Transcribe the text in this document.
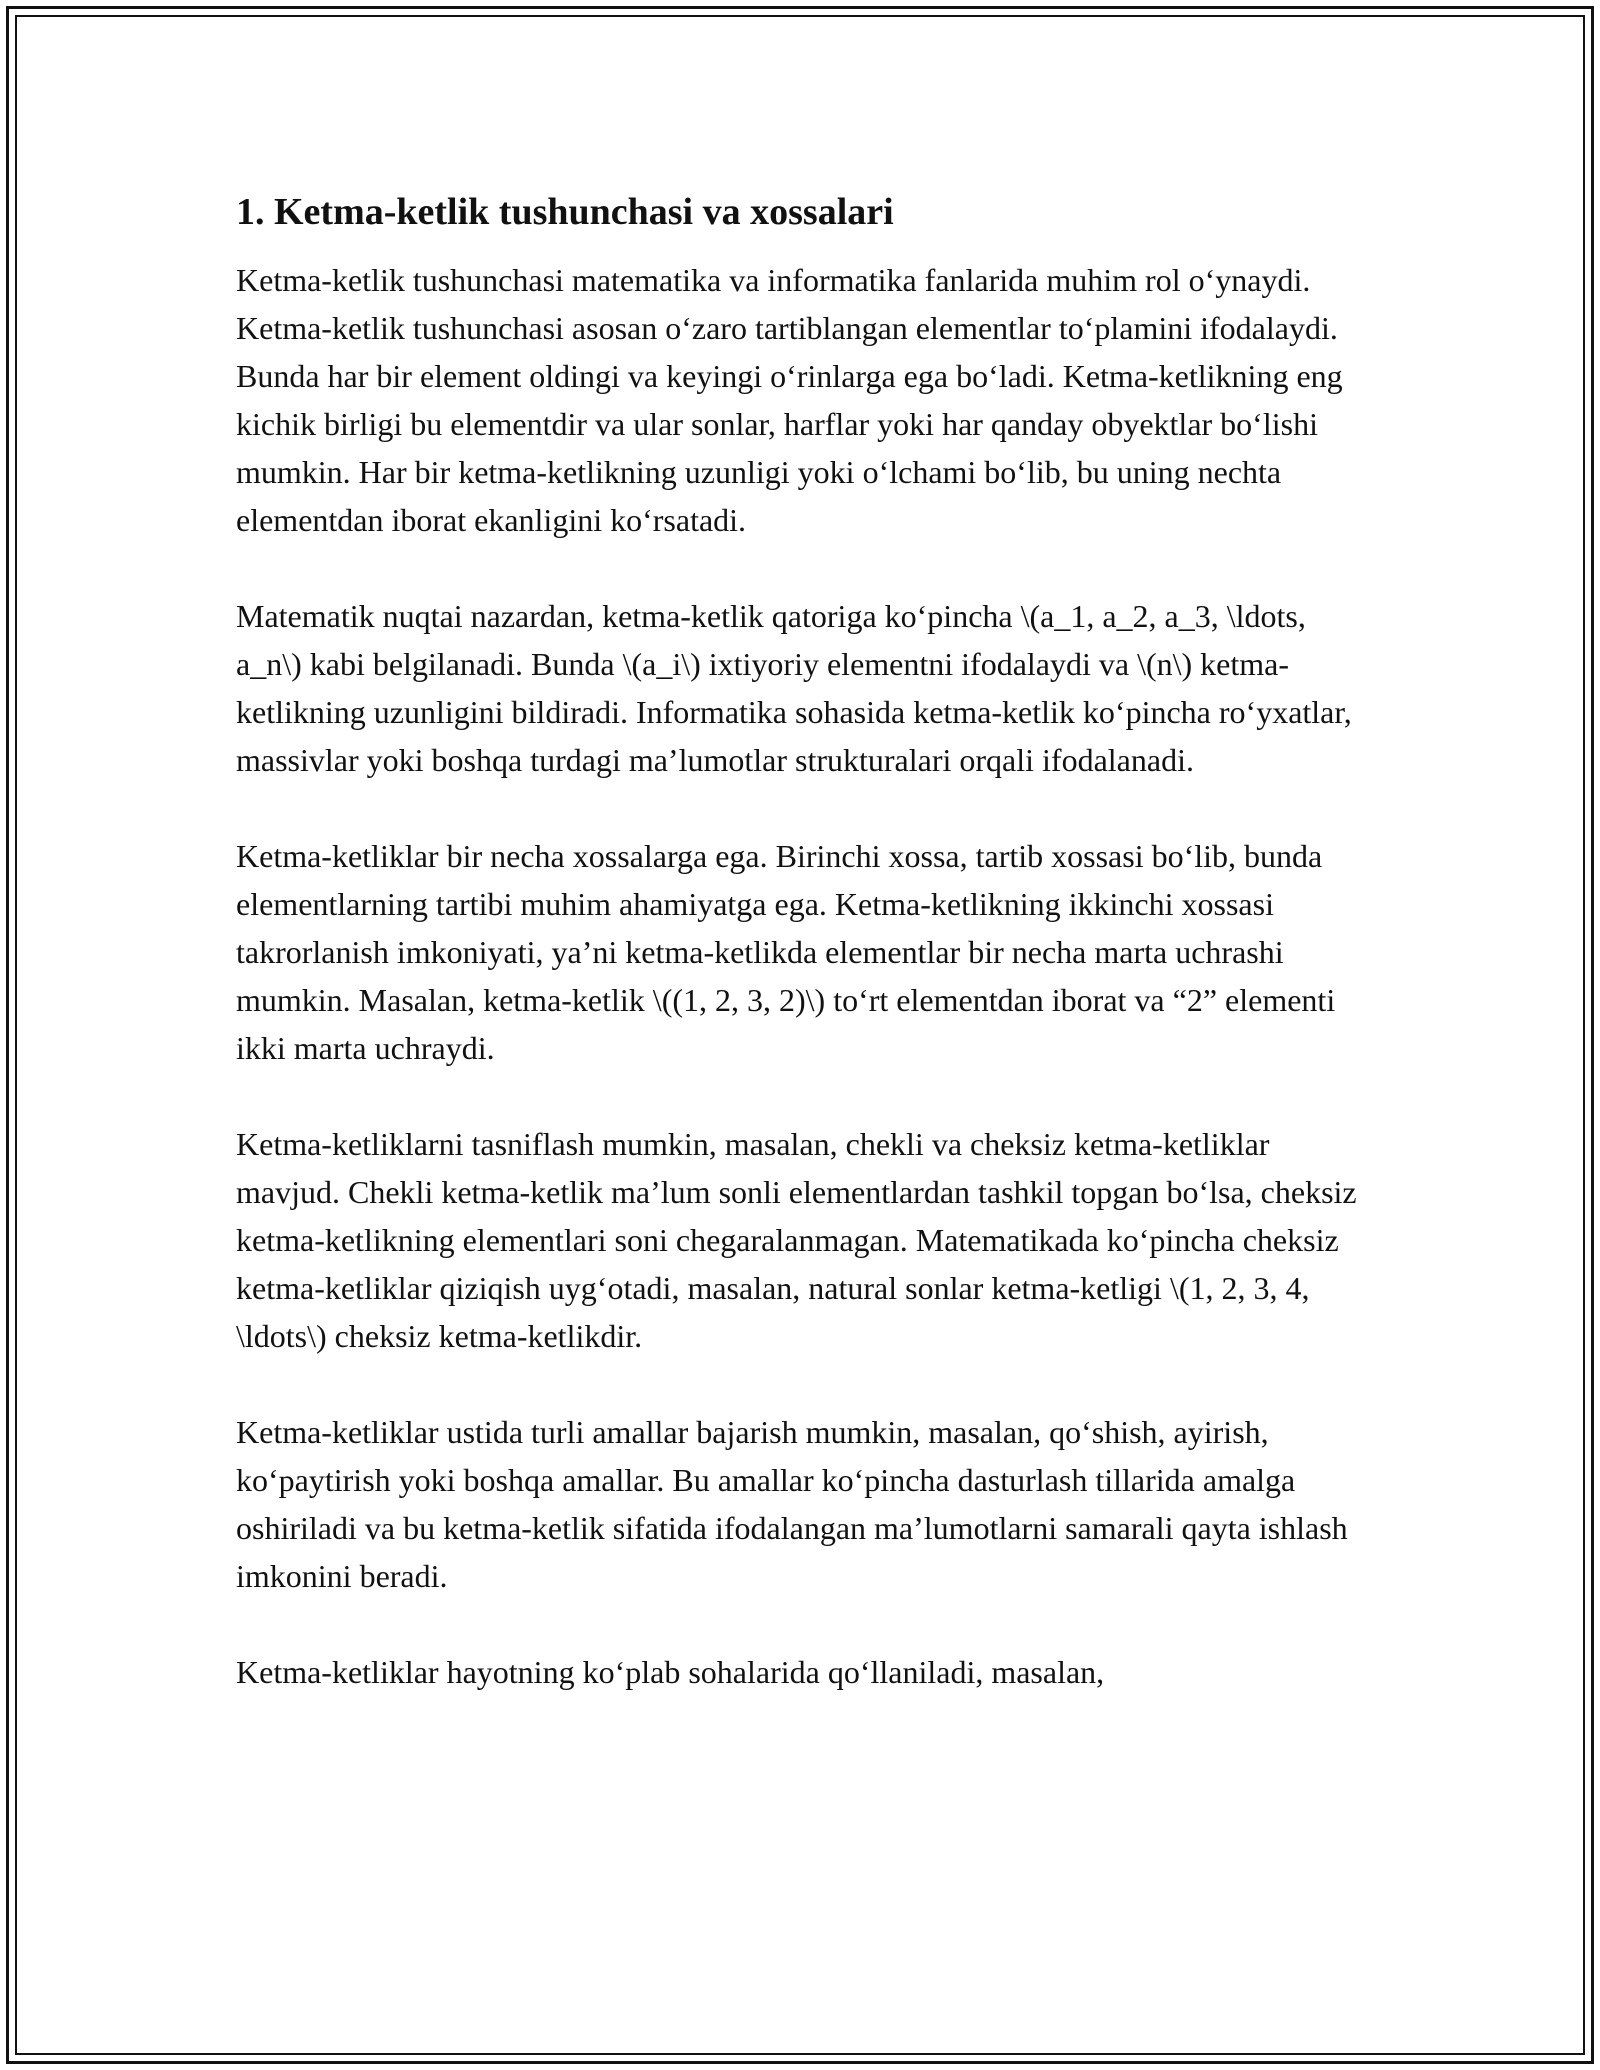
1. Ketma-ketlik tushunchasi va xossalari

Ketma-ketlik tushunchasi matematika va informatika fanlarida muhim rol o‘ynaydi. Ketma-ketlik tushunchasi asosan o‘zaro tartiblangan elementlar to‘plamini ifodalaydi. Bunda har bir element oldingi va keyingi o‘rinlarga ega bo‘ladi. Ketma-ketlikning eng kichik birligi bu elementdir va ular sonlar, harflar yoki har qanday obyektlar bo‘lishi mumkin. Har bir ketma-ketlikning uzunligi yoki o‘lchami bo‘lib, bu uning nechta elementdan iborat ekanligini ko‘rsatadi.

Matematik nuqtai nazardan, ketma-ketlik qatoriga ko‘pincha \(a_1, a_2, a_3, \ldots, a_n\) kabi belgilanadi. Bunda \(a_i\) ixtiyoriy elementni ifodalaydi va \(n\) ketma-ketlikning uzunligini bildiradi. Informatika sohasida ketma-ketlik ko‘pincha ro‘yxatlar, massivlar yoki boshqa turdagi ma’lumotlar strukturalari orqali ifodalanadi.

Ketma-ketliklar bir necha xossalarga ega. Birinchi xossa, tartib xossasi bo‘lib, bunda elementlarning tartibi muhim ahamiyatga ega. Ketma-ketlikning ikkinchi xossasi takrorlanish imkoniyati, ya’ni ketma-ketlikda elementlar bir necha marta uchrashi mumkin. Masalan, ketma-ketlik \((1, 2, 3, 2)\) to‘rt elementdan iborat va “2” elementi ikki marta uchraydi.

Ketma-ketliklarni tasniflash mumkin, masalan, chekli va cheksiz ketma-ketliklar mavjud. Chekli ketma-ketlik ma’lum sonli elementlardan tashkil topgan bo‘lsa, cheksiz ketma-ketlikning elementlari soni chegaralanmagan. Matematikada ko‘pincha cheksiz ketma-ketliklar qiziqish uyg‘otadi, masalan, natural sonlar ketma-ketligi \(1, 2, 3, 4, \ldots\) cheksiz ketma-ketlikdir.

Ketma-ketliklar ustida turli amallar bajarish mumkin, masalan, qo‘shish, ayirish, ko‘paytirish yoki boshqa amallar. Bu amallar ko‘pincha dasturlash tillarida amalga oshiriladi va bu ketma-ketlik sifatida ifodalangan ma’lumotlarni samarali qayta ishlash imkonini beradi.

Ketma-ketliklar hayotning ko‘plab sohalarida qo‘llaniladi, masalan,
